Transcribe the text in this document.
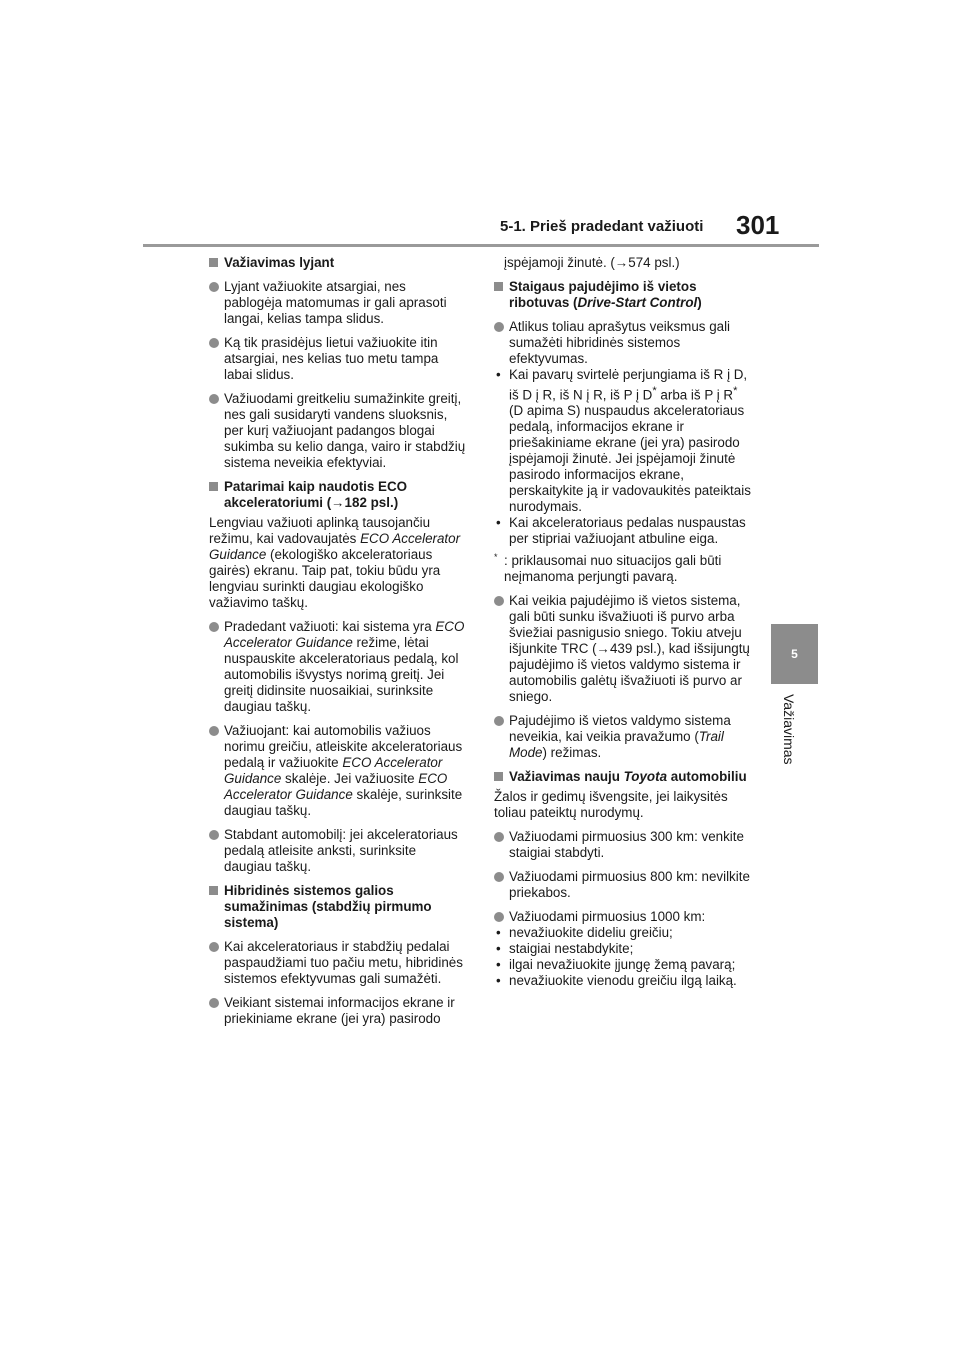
5-1. Prieš pradedant važiuoti 301
5
Važiavimas
Važiavimas lyjant
Lyjant važiuokite atsargiai, nes pablogėja matomumas ir gali aprasoti langai, kelias tampa slidus.
Ką tik prasidėjus lietui važiuokite itin atsargiai, nes kelias tuo metu tampa labai slidus.
Važiuodami greitkeliu sumažinkite greitį, nes gali susidaryti vandens sluoksnis, per kurį važiuojant padangos blogai sukimba su kelio danga, vairo ir stabdžių sistema neveikia efektyviai.
Patarimai kaip naudotis ECO akceleratoriumi (→182 psl.)
Lengviau važiuoti aplinką tausojančiu režimu, kai vadovaujatės ECO Accelerator Guidance (ekologiško akceleratoriaus gairės) ekranu. Taip pat, tokiu būdu yra lengviau surinkti daugiau ekologiško važiavimo taškų.
Pradedant važiuoti: kai sistema yra ECO Accelerator Guidance režime, lėtai nuspauskite akceleratoriaus pedalą, kol automobilis išvystys norimą greitį. Jei greitį didinsite nuosaikiai, surinksite daugiau taškų.
Važiuojant: kai automobilis važiuos norimu greičiu, atleiskite akceleratoriaus pedalą ir važiuokite ECO Accelerator Guidance skalėje. Jei važiuosite ECO Accelerator Guidance skalėje, surinksite daugiau taškų.
Stabdant automobilį: jei akceleratoriaus pedalą atleisite anksti, surinksite daugiau taškų.
Hibridinės sistemos galios sumažinimas (stabdžių pirmumo sistema)
Kai akceleratoriaus ir stabdžių pedalai paspaudžiami tuo pačiu metu, hibridinės sistemos efektyvumas gali sumažėti.
Veikiant sistemai informacijos ekrane ir priekiniame ekrane (jei yra) pasirodo
įspėjamoji žinutė. (→574 psl.)
Staigaus pajudėjimo iš vietos ribotuvas (Drive-Start Control)
Atlikus toliau aprašytus veiksmus gali sumažėti hibridinės sistemos efektyvumas.
• Kai pavarų svirtelė perjungiama iš R į D, iš D į R, iš N į R, iš P į D* arba iš P į R* (D apima S) nuspaudus akceleratoriaus pedalą, informacijos ekrane ir priešakiniame ekrane (jei yra) pasirodo įspėjamoji žinutė. Jei įspėjamoji žinutė pasirodo informacijos ekrane, perskaitykite ją ir vadovaukitės pateiktais nurodymais.
• Kai akceleratoriaus pedalas nuspaustas per stipriai važiuojant atbuline eiga.
* : priklausomai nuo situacijos gali būti neįmanoma perjungti pavarą.
Kai veikia pajudėjimo iš vietos sistema, gali būti sunku išvažiuoti iš purvo arba šviežiai pasnigusio sniego. Tokiu atveju išjunkite TRC (→439 psl.), kad išsijungtų pajudėjimo iš vietos valdymo sistema ir automobilis galėtų išvažiuoti iš purvo ar sniego.
Pajudėjimo iš vietos valdymo sistema neveikia, kai veikia pravažumo (Trail Mode) režimas.
Važiavimas nauju Toyota automobiliu
Žalos ir gedimų išvengsite, jei laikysitės toliau pateiktų nurodymų.
Važiuodami pirmuosius 300 km: venkite staigiai stabdyti.
Važiuodami pirmuosius 800 km: nevilkite priekabos.
Važiuodami pirmuosius 1000 km:
• nevažiuokite dideliu greičiu;
• staigiai nestabdykite;
• ilgai nevažiuokite įjungę žemą pavarą;
• nevažiuokite vienodu greičiu ilgą laiką.
